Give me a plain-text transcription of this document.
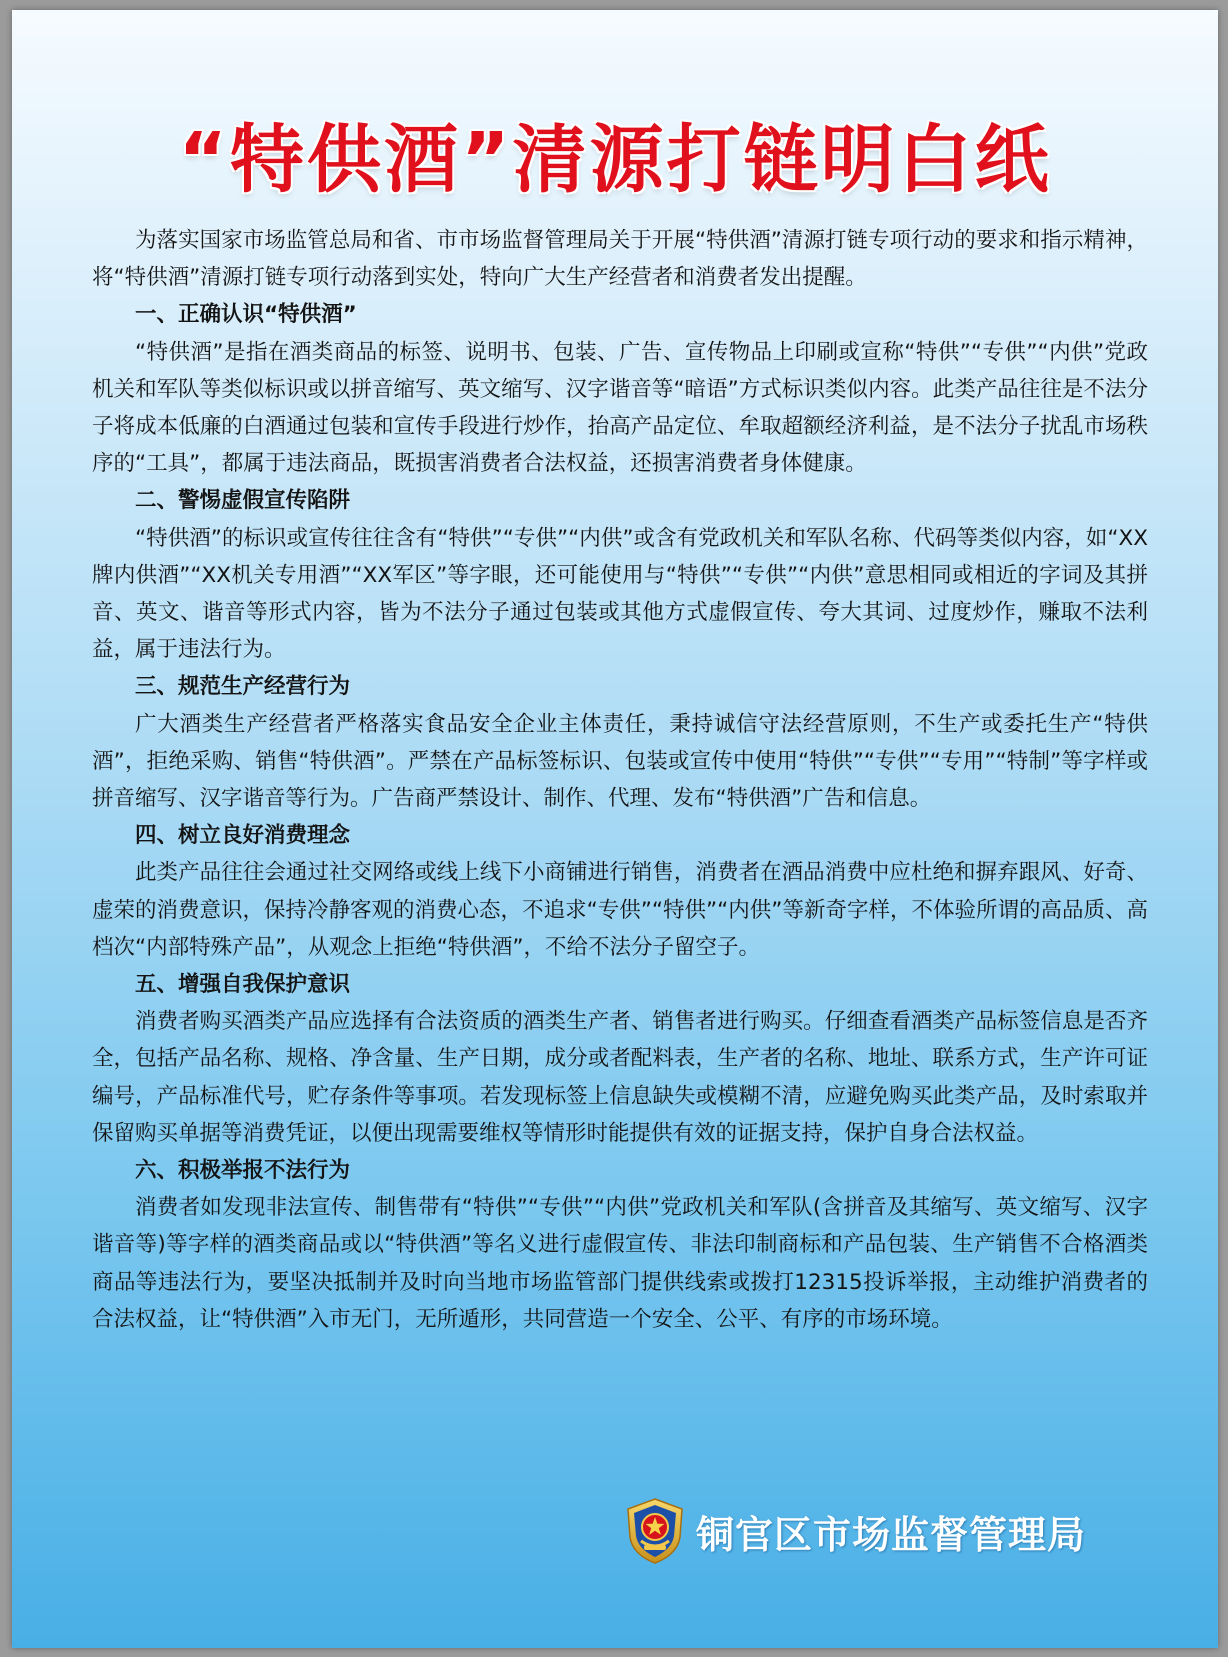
“特供酒”清源打链明白纸

为落实国家市场监管总局和省、市市场监督管理局关于开展“特供酒”清源打链专项行动的要求和指示精神，将“特供酒”清源打链专项行动落到实处，特向广大生产经营者和消费者发出提醒。

一、正确认识“特供酒”

“特供酒”是指在酒类商品的标签、说明书、包装、广告、宣传物品上印刷或宣称“特供”“专供”“内供”党政机关和军队等类似标识或以拼音缩写、英文缩写、汉字谐音等“暗语”方式标识类似内容。此类产品往往是不法分子将成本低廉的白酒通过包装和宣传手段进行炒作，抬高产品定位、牟取超额经济利益，是不法分子扰乱市场秩序的“工具”，都属于违法商品，既损害消费者合法权益，还损害消费者身体健康。

二、警惕虚假宣传陷阱

“特供酒”的标识或宣传往往含有“特供”“专供”“内供”或含有党政机关和军队名称、代码等类似内容，如“XX牌内供酒”“XX机关专用酒”“XX军区”等字眼，还可能使用与“特供”“专供”“内供”意思相同或相近的字词及其拼音、英文、谐音等形式内容，皆为不法分子通过包装或其他方式虚假宣传、夸大其词、过度炒作，赚取不法利益，属于违法行为。

三、规范生产经营行为

广大酒类生产经营者严格落实食品安全企业主体责任，秉持诚信守法经营原则，不生产或委托生产“特供酒”，拒绝采购、销售“特供酒”。严禁在产品标签标识、包装或宣传中使用“特供”“专供”“专用”“特制”等字样或拼音缩写、汉字谐音等行为。广告商严禁设计、制作、代理、发布“特供酒”广告和信息。

四、树立良好消费理念

此类产品往往会通过社交网络或线上线下小商铺进行销售，消费者在酒品消费中应杜绝和摒弃跟风、好奇、虚荣的消费意识，保持冷静客观的消费心态，不追求“专供”“特供”“内供”等新奇字样，不体验所谓的高品质、高档次“内部特殊产品”，从观念上拒绝“特供酒”，不给不法分子留空子。

五、增强自我保护意识

消费者购买酒类产品应选择有合法资质的酒类生产者、销售者进行购买。仔细查看酒类产品标签信息是否齐全，包括产品名称、规格、净含量、生产日期，成分或者配料表，生产者的名称、地址、联系方式，生产许可证编号，产品标准代号，贮存条件等事项。若发现标签上信息缺失或模糊不清，应避免购买此类产品，及时索取并保留购买单据等消费凭证，以便出现需要维权等情形时能提供有效的证据支持，保护自身合法权益。

六、积极举报不法行为

消费者如发现非法宣传、制售带有“特供”“专供”“内供”党政机关和军队(含拼音及其缩写、英文缩写、汉字谐音等)等字样的酒类商品或以“特供酒”等名义进行虚假宣传、非法印制商标和产品包装、生产销售不合格酒类商品等违法行为，要坚决抵制并及时向当地市场监管部门提供线索或拨打12315投诉举报，主动维护消费者的合法权益，让“特供酒”入市无门，无所遁形，共同营造一个安全、公平、有序的市场环境。

铜官区市场监督管理局
